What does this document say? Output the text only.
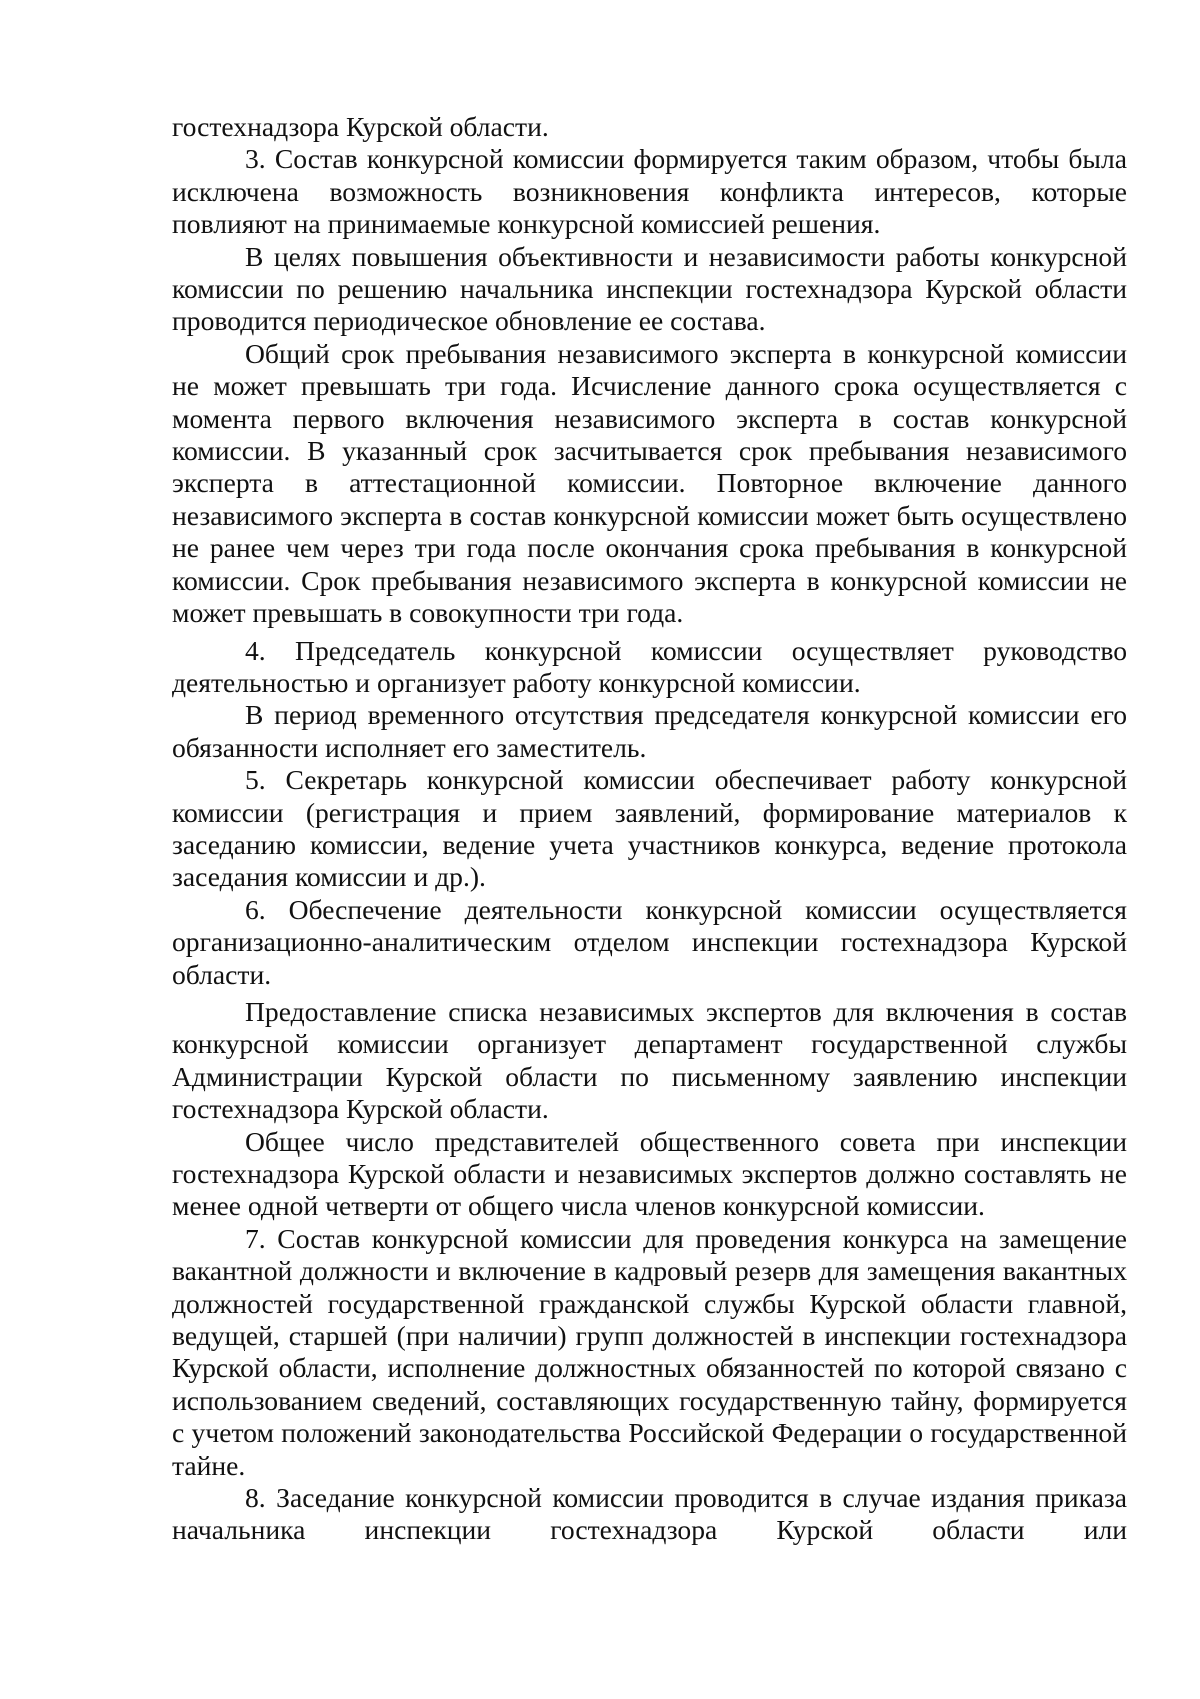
гостехнадзора Курской области.

3. Состав конкурсной комиссии формируется таким образом, чтобы была исключена возможность возникновения конфликта интересов, которые повлияют на принимаемые конкурсной комиссией решения.

В целях повышения объективности и независимости работы конкурсной комиссии по решению начальника инспекции гостехнадзора Курской области проводится периодическое обновление ее состава.

Общий срок пребывания независимого эксперта в конкурсной комиссии не может превышать три года. Исчисление данного срока осуществляется с момента первого включения независимого эксперта в состав конкурсной комиссии. В указанный срок засчитывается срок пребывания независимого эксперта в аттестационной комиссии. Повторное включение данного независимого эксперта в состав конкурсной комиссии может быть осуществлено не ранее чем через три года после окончания срока пребывания в конкурсной комиссии. Срок пребывания независимого эксперта в конкурсной комиссии не может превышать в совокупности три года.

4. Председатель конкурсной комиссии осуществляет руководство деятельностью и организует работу конкурсной комиссии.

В период временного отсутствия председателя конкурсной комиссии его обязанности исполняет его заместитель.

5. Секретарь конкурсной комиссии обеспечивает работу конкурсной комиссии (регистрация и прием заявлений, формирование материалов к заседанию комиссии, ведение учета участников конкурса, ведение протокола заседания комиссии и др.).

6. Обеспечение деятельности конкурсной комиссии осуществляется организационно-аналитическим отделом инспекции гостехнадзора Курской области.

Предоставление списка независимых экспертов для включения в состав конкурсной комиссии организует департамент государственной службы Администрации Курской области по письменному заявлению инспекции гостехнадзора Курской области.

Общее число представителей общественного совета при инспекции гостехнадзора Курской области и независимых экспертов должно составлять не менее одной четверти от общего числа членов конкурсной комиссии.

7. Состав конкурсной комиссии для проведения конкурса на замещение вакантной должности и включение в кадровый резерв для замещения вакантных должностей государственной гражданской службы Курской области главной, ведущей, старшей (при наличии) групп должностей в инспекции гостехнадзора Курской области, исполнение должностных обязанностей по которой связано с использованием сведений, составляющих государственную тайну, формируется с учетом положений законодательства Российской Федерации о государственной тайне.

8. Заседание конкурсной комиссии проводится в случае издания приказа начальника инспекции гостехнадзора Курской области или
